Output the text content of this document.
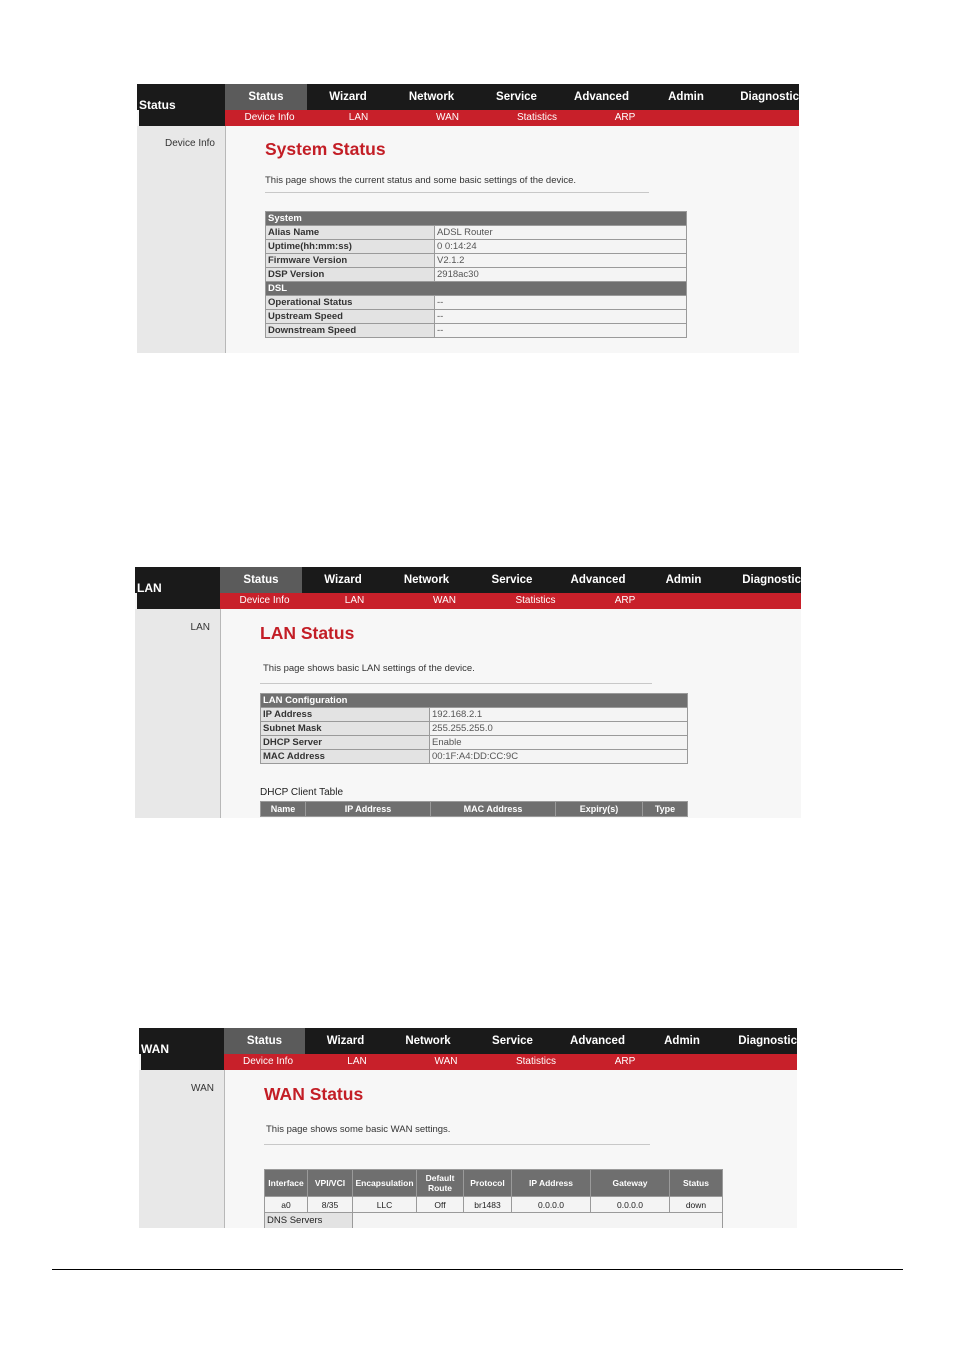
Status
Status	Wizard	Network	Service	Advanced	Admin	Diagnostic
Device Info	LAN	WAN	Statistics	ARP
Device Info	System Status
This page shows the current status and some basic settings of the device.
System	
Alias Name	ADSL Router
Uptime(hh:mm:ss)	0 0:14:24
Firmware Version	V2.1.2
DSP Version	2918ac30
DSL	
Operational Status	--
Upstream Speed	--
Downstream Speed	--
LAN
Status	Wizard	Network	Service	Advanced	Admin	Diagnostic
Device Info	LAN	WAN	Statistics	ARP
LAN	LAN Status
This page shows basic LAN settings of the device.
LAN Configuration	
IP Address	192.168.2.1
Subnet Mask	255.255.255.0
DHCP Server	Enable
MAC Address	00:1F:A4:DD:CC:9C
DHCP Client Table
Name	IP Address	MAC Address	Expiry(s)	Type
WAN
Status	Wizard	Network	Service	Advanced	Admin	Diagnostic
Device Info	LAN	WAN	Statistics	ARP
WAN	WAN Status
This page shows some basic WAN settings.
Interface	VPI/VCI	Encapsulation	Default Route	Protocol	IP Address	Gateway	Status
a0	8/35	LLC	Off	br1483	0.0.0.0	0.0.0.0	down
DNS Servers							
